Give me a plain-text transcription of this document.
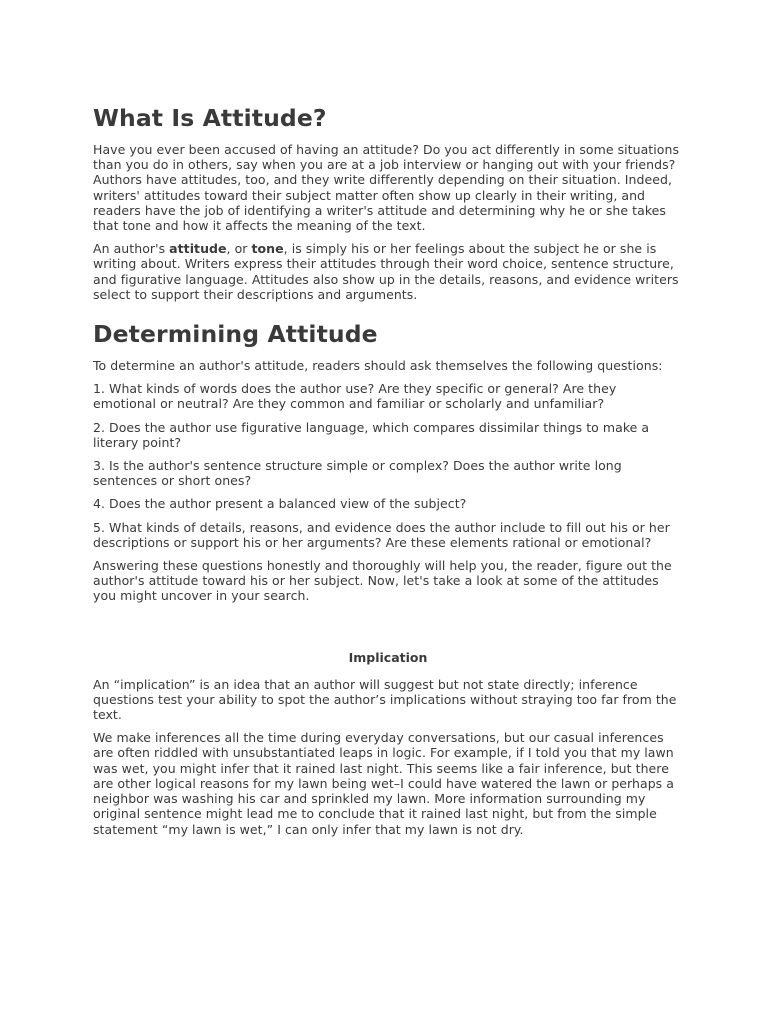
What Is Attitude?

Have you ever been accused of having an attitude? Do you act differently in some situations than you do in others, say when you are at a job interview or hanging out with your friends? Authors have attitudes, too, and they write differently depending on their situation. Indeed, writers' attitudes toward their subject matter often show up clearly in their writing, and readers have the job of identifying a writer's attitude and determining why he or she takes that tone and how it affects the meaning of the text.

An author's attitude, or tone, is simply his or her feelings about the subject he or she is writing about. Writers express their attitudes through their word choice, sentence structure, and figurative language. Attitudes also show up in the details, reasons, and evidence writers select to support their descriptions and arguments.

Determining Attitude

To determine an author's attitude, readers should ask themselves the following questions:

1. What kinds of words does the author use? Are they specific or general? Are they emotional or neutral? Are they common and familiar or scholarly and unfamiliar?

2. Does the author use figurative language, which compares dissimilar things to make a literary point?

3. Is the author's sentence structure simple or complex? Does the author write long sentences or short ones?

4. Does the author present a balanced view of the subject?

5. What kinds of details, reasons, and evidence does the author include to fill out his or her descriptions or support his or her arguments? Are these elements rational or emotional?

Answering these questions honestly and thoroughly will help you, the reader, figure out the author's attitude toward his or her subject. Now, let's take a look at some of the attitudes you might uncover in your search.

Implication

An “implication” is an idea that an author will suggest but not state directly; inference questions test your ability to spot the author’s implications without straying too far from the text.

We make inferences all the time during everyday conversations, but our casual inferences are often riddled with unsubstantiated leaps in logic. For example, if I told you that my lawn was wet, you might infer that it rained last night. This seems like a fair inference, but there are other logical reasons for my lawn being wet–I could have watered the lawn or perhaps a neighbor was washing his car and sprinkled my lawn. More information surrounding my original sentence might lead me to conclude that it rained last night, but from the simple statement “my lawn is wet,” I can only infer that my lawn is not dry.
